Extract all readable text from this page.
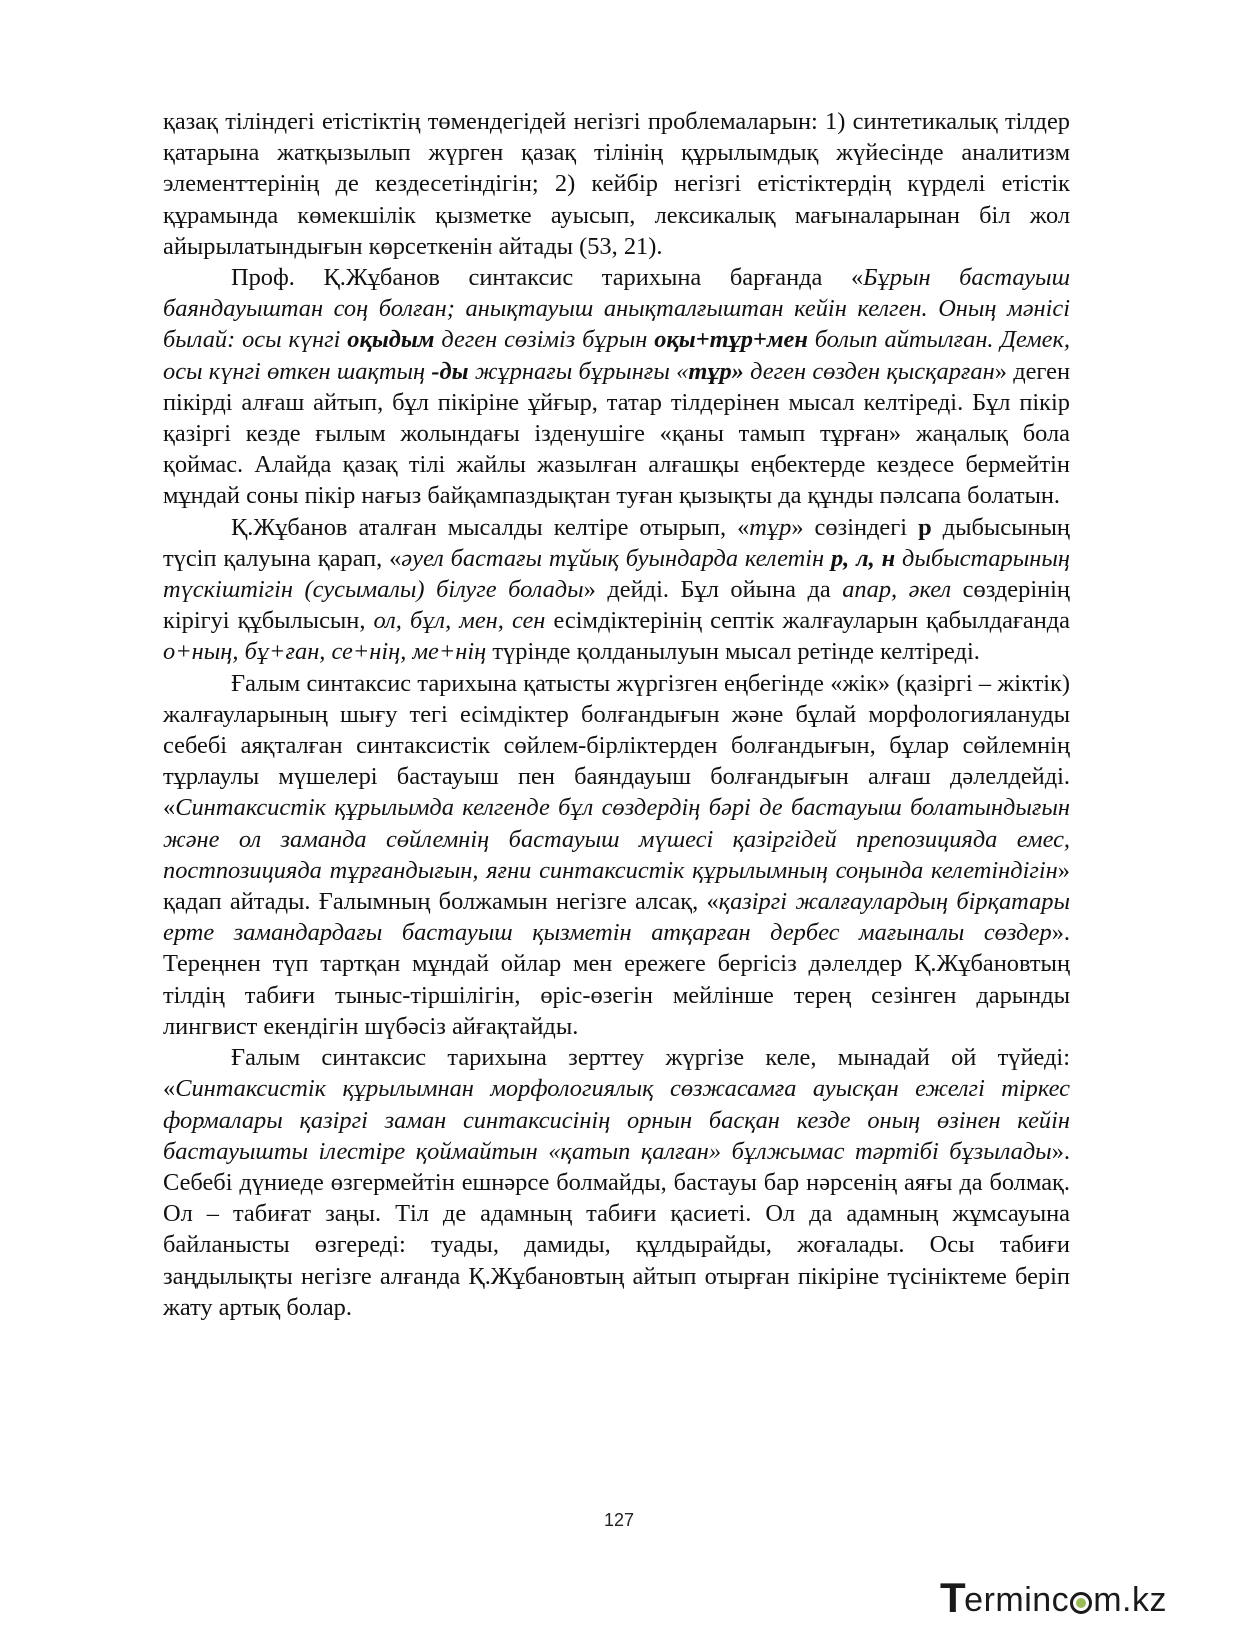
қазақ тіліндегі етістіктің төмендегідей негізгі проблемаларын: 1) синтетикалық тілдер қатарына жатқызылып жүрген қазақ тілінің құрылымдық жүйесінде аналитизм элементтерінің де кездесетіндігін; 2) кейбір негізгі етістіктердің күрделі етістік құрамында көмекшілік қызметке ауысып, лексикалық мағыналарынан біл жол айырылатындығын көрсеткенін айтады (53, 21).

Проф. Қ.Жұбанов синтаксис тарихына барғанда «Бұрын бастауыш баяндауыштан соң болған; анықтауыш анықталғыштан кейін келген. Оның мәнісі былай: осы күнгі оқыдым деген сөзіміз бұрын оқы+тұр+мен болып айтылған. Демек, осы күнгі өткен шақтың -ды жұрнағы бұрынғы «тұр» деген сөзден қысқарған» деген пікірді алғаш айтып, бұл пікіріне ұйғыр, татар тілдерінен мысал келтіреді. Бұл пікір қазіргі кезде ғылым жолындағы ізденушіге «қаны тамып тұрған» жаңалық бола қоймас. Алайда қазақ тілі жайлы жазылған алғашқы еңбектерде кездесе бермейтін мұндай соны пікір нағыз байқампаздықтан туған қызықты да құнды пәлсапа болатын.

Қ.Жұбанов аталған мысалды келтіре отырып, «тұр» сөзіндегі р дыбысының түсіп қалуына қарап, «әуел бастағы тұйық буындарда келетін р, л, н дыбыстарының түскіштігін (сусымалы) білуге болады» дейді. Бұл ойына да апар, әкел сөздерінің кірігуі құбылысын, ол, бұл, мен, сен есімдіктерінің септік жалғауларын қабылдағанда о+ның, бұ+ған, се+нің, ме+нің түрінде қолданылуын мысал ретінде келтіреді.

Ғалым синтаксис тарихына қатысты жүргізген еңбегінде «жік» (қазіргі – жіктік) жалғауларының шығу тегі есімдіктер болғандығын және бұлай морфологиялануды себебі аяқталған синтаксистік сөйлем-бірліктерден болғандығын, бұлар сөйлемнің тұрлаулы мүшелері бастауыш пен баяндауыш болғандығын алғаш дәлелдейді. «Синтаксистік құрылымда келгенде бұл сөздердің бәрі де бастауыш болатындығын және ол заманда сөйлемнің бастауыш мүшесі қазіргідей препозицияда емес, постпозицияда тұрғандығын, яғни синтаксистік құрылымның соңында келетіндігін» қадап айтады. Ғалымның болжамын негізге алсақ, «қазіргі жалғаулардың бірқатары ерте замандардағы бастауыш қызметін атқарған дербес мағыналы сөздер». Тереңнен түп тартқан мұндай ойлар мен ережеге бергісіз дәлелдер Қ.Жұбановтың тілдің табиғи тыныс-тіршілігін, өріс-өзегін мейлінше терең сезінген дарынды лингвист екендігін шүбәсіз айғақтайды.

Ғалым синтаксис тарихына зерттеу жүргізе келе, мынадай ой түйеді: «Синтаксистік құрылымнан морфологиялық сөзжасамға ауысқан ежелгі тіркес формалары қазіргі заман синтаксисінің орнын басқан кезде оның өзінен кейін бастауышты ілестіре қоймайтын «қатып қалған» бұлжымас тәртібі бұзылады». Себебі дүниеде өзгермейтін ешнәрсе болмайды, бастауы бар нәрсенің аяғы да болмақ. Ол – табиғат заңы. Тіл де адамның табиғи қасиеті. Ол да адамның жұмсауына байланысты өзгереді: туады, дамиды, құлдырайды, жоғалады. Осы табиғи заңдылықты негізге алғанда Қ.Жұбановтың айтып отырған пікіріне түсініктеме беріп жату артық болар.

127
T
erminc m.kz
